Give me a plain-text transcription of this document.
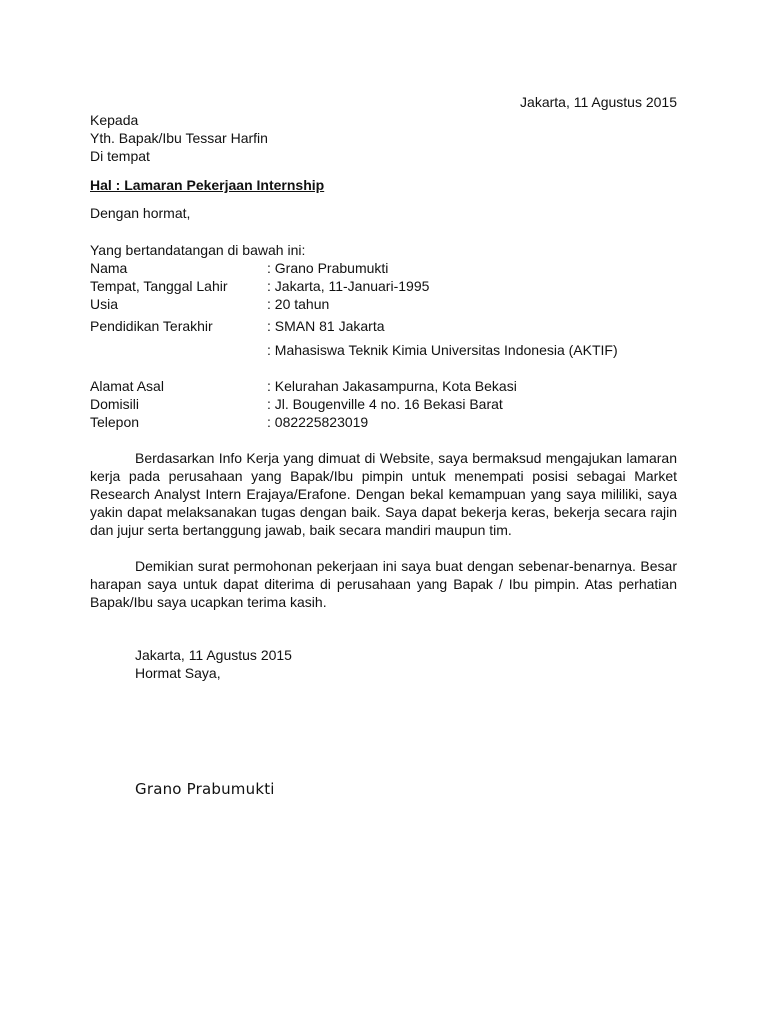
Jakarta, 11 Agustus 2015
Kepada
Yth. Bapak/Ibu Tessar Harfin
Di tempat
Hal : Lamaran Pekerjaan Internship
Dengan hormat,
Yang bertandatangan di bawah ini:
Nama	: Grano Prabumukti
Tempat, Tanggal Lahir	: Jakarta, 11-Januari-1995
Usia	: 20 tahun
Pendidikan Terakhir	: SMAN 81 Jakarta
: Mahasiswa Teknik Kimia Universitas Indonesia (AKTIF)
Alamat Asal	: Kelurahan Jakasampurna, Kota Bekasi
Domisili	: Jl. Bougenville 4 no. 16 Bekasi Barat
Telepon	: 082225823019

Berdasarkan Info Kerja yang dimuat di Website, saya bermaksud mengajukan lamaran kerja pada perusahaan yang Bapak/Ibu pimpin untuk menempati posisi sebagai Market Research Analyst Intern Erajaya/Erafone. Dengan bekal kemampuan yang saya mililiki, saya yakin dapat melaksanakan tugas dengan baik. Saya dapat bekerja keras, bekerja secara rajin dan jujur serta bertanggung jawab, baik secara mandiri maupun tim.

Demikian surat permohonan pekerjaan ini saya buat dengan sebenar-benarnya. Besar harapan saya untuk dapat diterima di perusahaan yang Bapak / Ibu pimpin. Atas perhatian Bapak/Ibu saya ucapkan terima kasih.

Jakarta, 11 Agustus 2015
Hormat Saya,
Grano Prabumukti
